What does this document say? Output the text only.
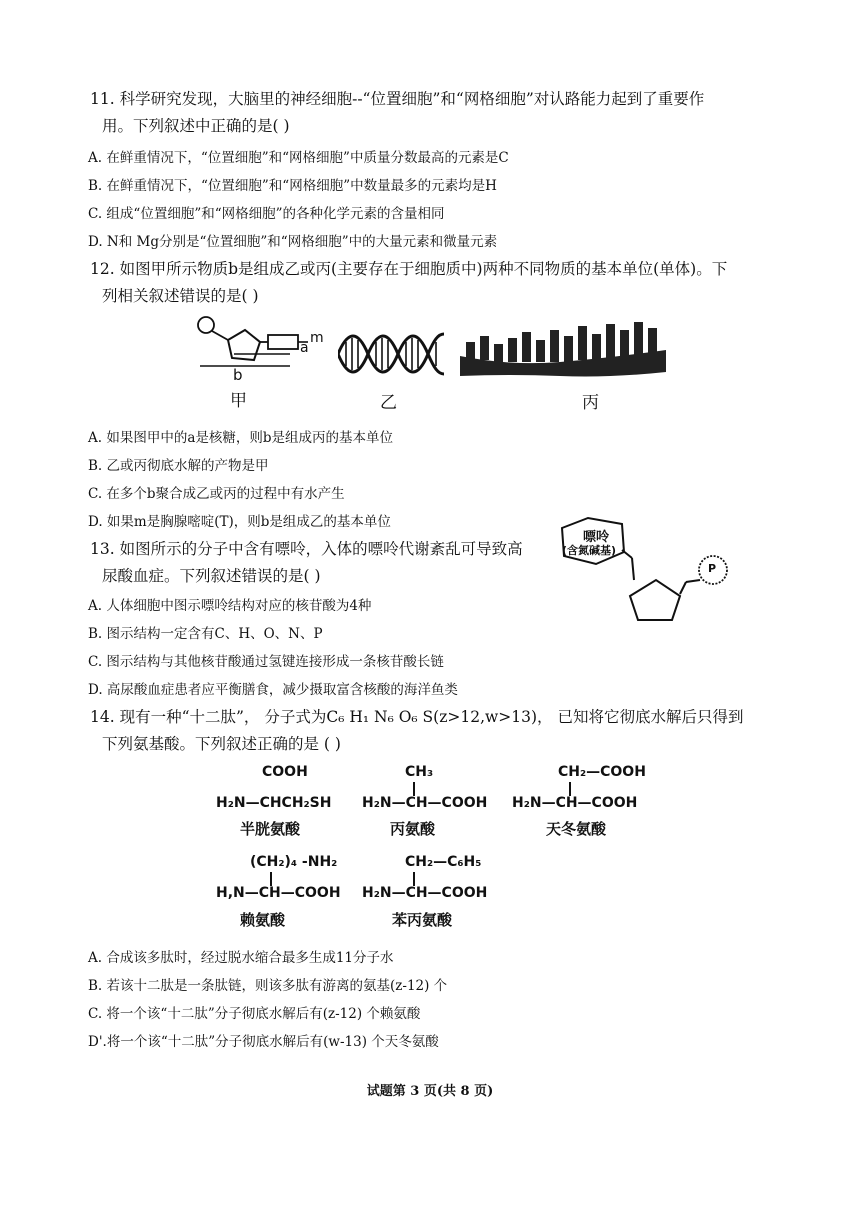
11. 科学研究发现，大脑里的神经细胞--“位置细胞”和“网格细胞”对认路能力起到了重要作
用。下列叙述中正确的是( )
A. 在鲜重情况下，“位置细胞”和“网格细胞”中质量分数最高的元素是C
B. 在鲜重情况下，“位置细胞”和“网格细胞”中数量最多的元素均是H
C. 组成“位置细胞”和“网格细胞”的各种化学元素的含量相同
D. N和 Mg分别是“位置细胞”和“网格细胞”中的大量元素和微量元素
12. 如图甲所示物质b是组成乙或丙(主要存在于细胞质中)两种不同物质的基本单位(单体)。下
列相关叙述错误的是( )
m
a
b
甲	乙	丙
A. 如果图甲中的a是核糖，则b是组成丙的基本单位
B. 乙或丙彻底水解的产物是甲
C. 在多个b聚合成乙或丙的过程中有水产生
D. 如果m是胸腺嘧啶(T)，则b是组成乙的基本单位
13. 如图所示的分子中含有嘌呤，入体的嘌呤代谢紊乱可导致高
尿酸血症。下列叙述错误的是( )
嘌呤
(含氮碱基)
P
A. 人体细胞中图示嘌呤结构对应的核苷酸为4种
B. 图示结构一定含有C、H、O、N、P
C. 图示结构与其他核苷酸通过氢键连接形成一条核苷酸长链
D. 高尿酸血症患者应平衡膳食，减少摄取富含核酸的海洋鱼类
14. 现有一种“十二肽”， 分子式为C₆ H₁ N₆ O₆ S(z>12,w>13)， 已知将它彻底水解后只得到
下列氨基酸。下列叙述正确的是 ( )
COOH
H₂N—CHCH₂SH
半胱氨酸
CH₃
H₂N—CH—COOH
丙氨酸
CH₂—COOH
H₂N—CH—COOH
天冬氨酸
(CH₂)₄ -NH₂
H,N—CH—COOH
赖氨酸
CH₂—C₆H₅
H₂N—CH—COOH
苯丙氨酸
A. 合成该多肽时，经过脱水缩合最多生成11分子水
B. 若该十二肽是一条肽链，则该多肽有游离的氨基(z-12) 个
C. 将一个该“十二肽”分子彻底水解后有(z-12) 个赖氨酸
D'.将一个该“十二肽”分子彻底水解后有(w-13) 个天冬氨酸
试题第 3 页(共 8 页)
